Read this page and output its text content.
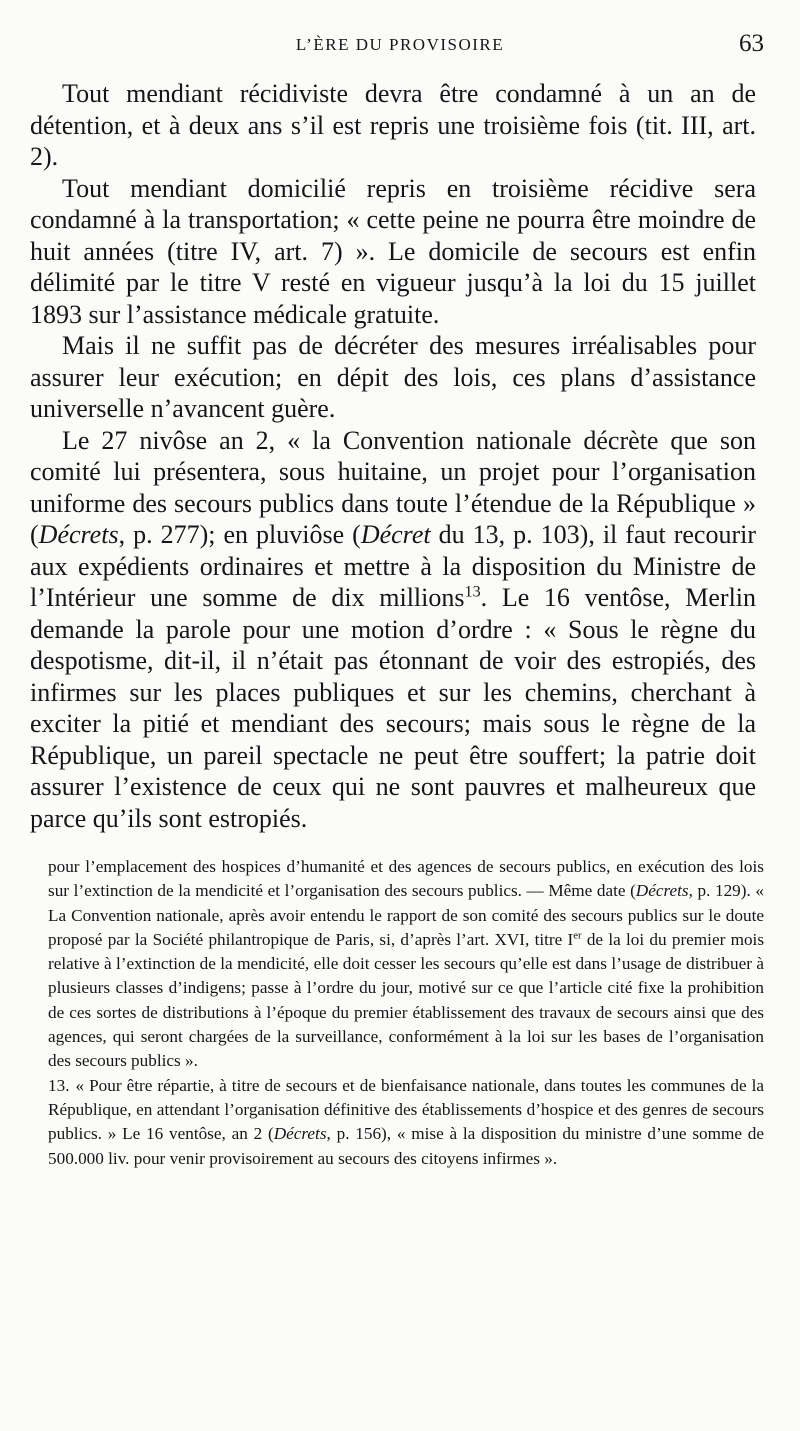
L’ÈRE DU PROVISOIRE	63

Tout mendiant récidiviste devra être condamné à un an de détention, et à deux ans s’il est repris une troisième fois (tit. III, art. 2).

Tout mendiant domicilié repris en troisième récidive sera condamné à la transportation; « cette peine ne pourra être moindre de huit années (titre IV, art. 7) ». Le domicile de secours est enfin délimité par le titre V resté en vigueur jusqu’à la loi du 15 juillet 1893 sur l’assistance médicale gratuite.

Mais il ne suffit pas de décréter des mesures irréalisables pour assurer leur exécution; en dépit des lois, ces plans d’assistance universelle n’avancent guère.

Le 27 nivôse an 2, « la Convention nationale décrète que son comité lui présentera, sous huitaine, un projet pour l’organisation uniforme des secours publics dans toute l’étendue de la République » (Décrets, p. 277); en pluviôse (Décret du 13, p. 103), il faut recourir aux expédients ordinaires et mettre à la disposition du Ministre de l’Intérieur une somme de dix millions$^{13}$. Le 16 ventôse, Merlin demande la parole pour une motion d’ordre : « Sous le règne du despotisme, dit-il, il n’était pas étonnant de voir des estropiés, des infirmes sur les places publiques et sur les chemins, cherchant à exciter la pitié et mendiant des secours; mais sous le règne de la République, un pareil spectacle ne peut être souffert; la patrie doit assurer l’existence de ceux qui ne sont pauvres et malheureux que parce qu’ils sont estropiés.

pour l’emplacement des hospices d’humanité et des agences de secours publics, en exécution des lois sur l’extinction de la mendicité et l’organisation des secours publics. — Même date (Décrets, p. 129). « La Convention nationale, après avoir entendu le rapport de son comité des secours publics sur le doute proposé par la Société philantropique de Paris, si, d’après l’art. XVI, titre Ier de la loi du premier mois relative à l’extinction de la mendicité, elle doit cesser les secours qu’elle est dans l’usage de distribuer à plusieurs classes d’indigens; passe à l’ordre du jour, motivé sur ce que l’article cité fixe la prohibition de ces sortes de distributions à l’époque du premier établissement des travaux de secours ainsi que des agences, qui seront chargées de la surveillance, conformément à la loi sur les bases de l’organisation des secours publics ».

13. « Pour être répartie, à titre de secours et de bienfaisance nationale, dans toutes les communes de la République, en attendant l’organisation définitive des établissements d’hospice et des genres de secours publics. » Le 16 ventôse, an 2 (Décrets, p. 156), « mise à la disposition du ministre d’une somme de 500.000 liv. pour venir provisoirement au secours des citoyens infirmes ».
